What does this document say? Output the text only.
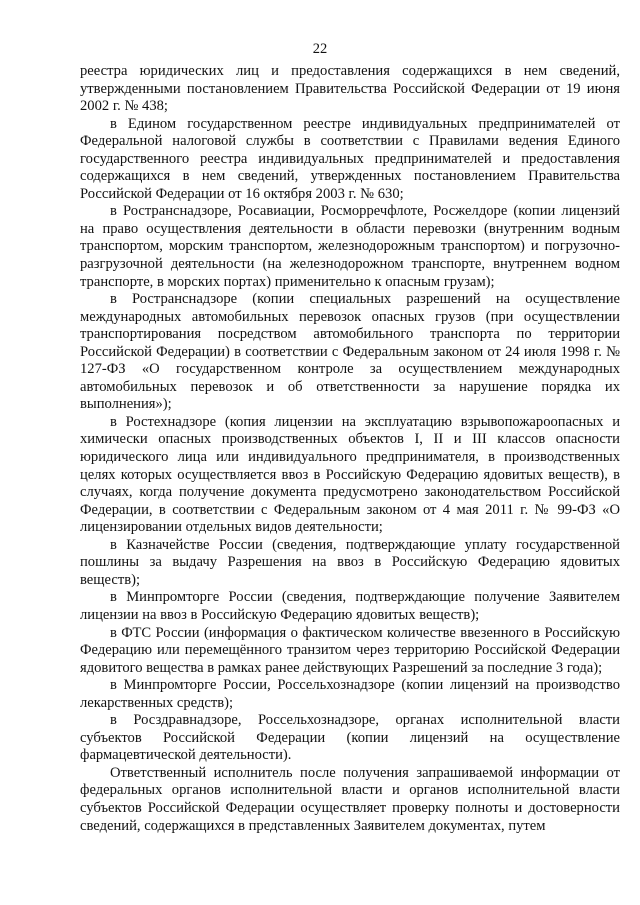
22

реестра юридических лиц и предоставления содержащихся в нем сведений, утвержденными постановлением Правительства Российской Федерации от 19 июня 2002 г. № 438;

в Едином государственном реестре индивидуальных предпринимателей от Федеральной налоговой службы в соответствии с Правилами ведения Единого государственного реестра индивидуальных предпринимателей и предоставления содержащихся в нем сведений, утвержденных постановлением Правительства Российской Федерации от 16 октября 2003 г. № 630;

в Ространснадзоре, Росавиации, Росморречфлоте, Росжелдоре (копии лицензий на право осуществления деятельности в области перевозки (внутренним водным транспортом, морским транспортом, железнодорожным транспортом) и погрузочно-разгрузочной деятельности (на железнодорожном транспорте, внутреннем водном транспорте, в морских портах) применительно к опасным грузам);

в Ространснадзоре (копии специальных разрешений на осуществление международных автомобильных перевозок опасных грузов (при осуществлении транспортирования посредством автомобильного транспорта по территории Российской Федерации) в соответствии с Федеральным законом от 24 июля 1998 г. № 127-ФЗ «О государственном контроле за осуществлением международных автомобильных перевозок и об ответственности за нарушение порядка их выполнения»);

в Ростехнадзоре (копия лицензии на эксплуатацию взрывопожароопасных и химически опасных производственных объектов I, II и III классов опасности юридического лица или индивидуального предпринимателя, в производственных целях которых осуществляется ввоз в Российскую Федерацию ядовитых веществ), в случаях, когда получение документа предусмотрено законодательством Российской Федерации, в соответствии с Федеральным законом от 4 мая 2011 г. № 99-ФЗ «О лицензировании отдельных видов деятельности;

в Казначействе России (сведения, подтверждающие уплату государственной пошлины за выдачу Разрешения на ввоз в Российскую Федерацию ядовитых веществ);

в Минпромторге России (сведения, подтверждающие получение Заявителем лицензии на ввоз в Российскую Федерацию ядовитых веществ);

в ФТС России (информация о фактическом количестве ввезенного в Российскую Федерацию или перемещённого транзитом через территорию Российской Федерации ядовитого вещества в рамках ранее действующих Разрешений за последние 3 года);

в Минпромторге России, Россельхознадзоре (копии лицензий на производство лекарственных средств);

в Росздравнадзоре, Россельхознадзоре, органах исполнительной власти субъектов Российской Федерации (копии лицензий на осуществление фармацевтической деятельности).

Ответственный исполнитель после получения запрашиваемой информации от федеральных органов исполнительной власти и органов исполнительной власти субъектов Российской Федерации осуществляет проверку полноты и достоверности сведений, содержащихся в представленных Заявителем документах, путем
